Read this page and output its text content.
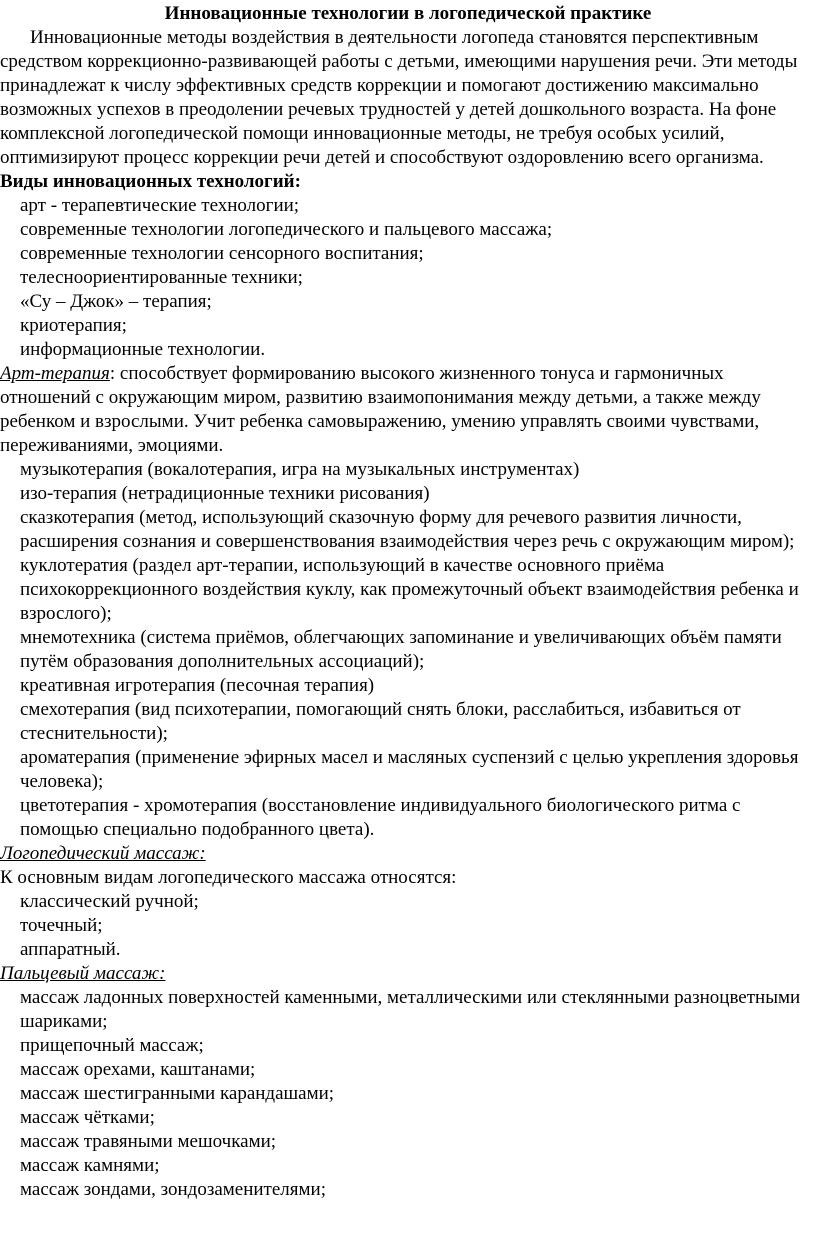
Инновационные технологии в логопедической практике

Инновационные методы воздействия в деятельности логопеда становятся перспективным средством коррекционно-развивающей работы с детьми, имеющими нарушения речи. Эти методы принадлежат к числу эффективных средств коррекции и помогают достижению максимально возможных успехов в преодолении речевых трудностей у детей дошкольного возраста. На фоне комплексной логопедической помощи инновационные методы, не требуя особых усилий, оптимизируют процесс коррекции речи детей и способствуют оздоровлению всего организма.

Виды инновационных технологий:

арт - терапевтические технологии;
современные технологии логопедического и пальцевого массажа;
современные технологии сенсорного воспитания;
телесноориентированные техники;
«Су – Джок» – терапия;
криотерапия;
информационные технологии.

Арт-терапия: способствует формированию высокого жизненного тонуса и гармоничных отношений с окружающим миром, развитию взаимопонимания между детьми, а также между ребенком и взрослыми. Учит ребенка самовыражению, умению управлять своими чувствами, переживаниями, эмоциями.

музыкотерапия (вокалотерапия, игра на музыкальных инструментах)
изо-терапия (нетрадиционные техники рисования)
сказкотерапия (метод, использующий сказочную форму для речевого развития личности, расширения сознания и совершенствования взаимодействия через речь с окружающим миром);
куклотератия (раздел арт-терапии, использующий в качестве основного приёма психокоррекционного воздействия куклу, как промежуточный объект взаимодействия ребенка и взрослого);
мнемотехника (система приёмов, облегчающих запоминание и увеличивающих объём памяти путём образования дополнительных ассоциаций);
креативная игротерапия (песочная терапия)
смехотерапия (вид психотерапии, помогающий снять блоки, расслабиться, избавиться от стеснительности);
ароматерапия (применение эфирных масел и масляных суспензий с целью укрепления здоровья человека);
цветотерапия - хромотерапия (восстановление индивидуального биологического ритма с помощью специально подобранного цвета).

Логопедический массаж:

К основным видам логопедического массажа относятся:

классический ручной;
точечный;
аппаратный.

Пальцевый массаж:

массаж ладонных поверхностей каменными, металлическими или стеклянными разноцветными шариками;
прищепочный массаж;
массаж орехами, каштанами;
массаж шестигранными карандашами;
массаж чётками;
массаж травяными мешочками;
массаж камнями;
массаж зондами, зондозаменителями;
